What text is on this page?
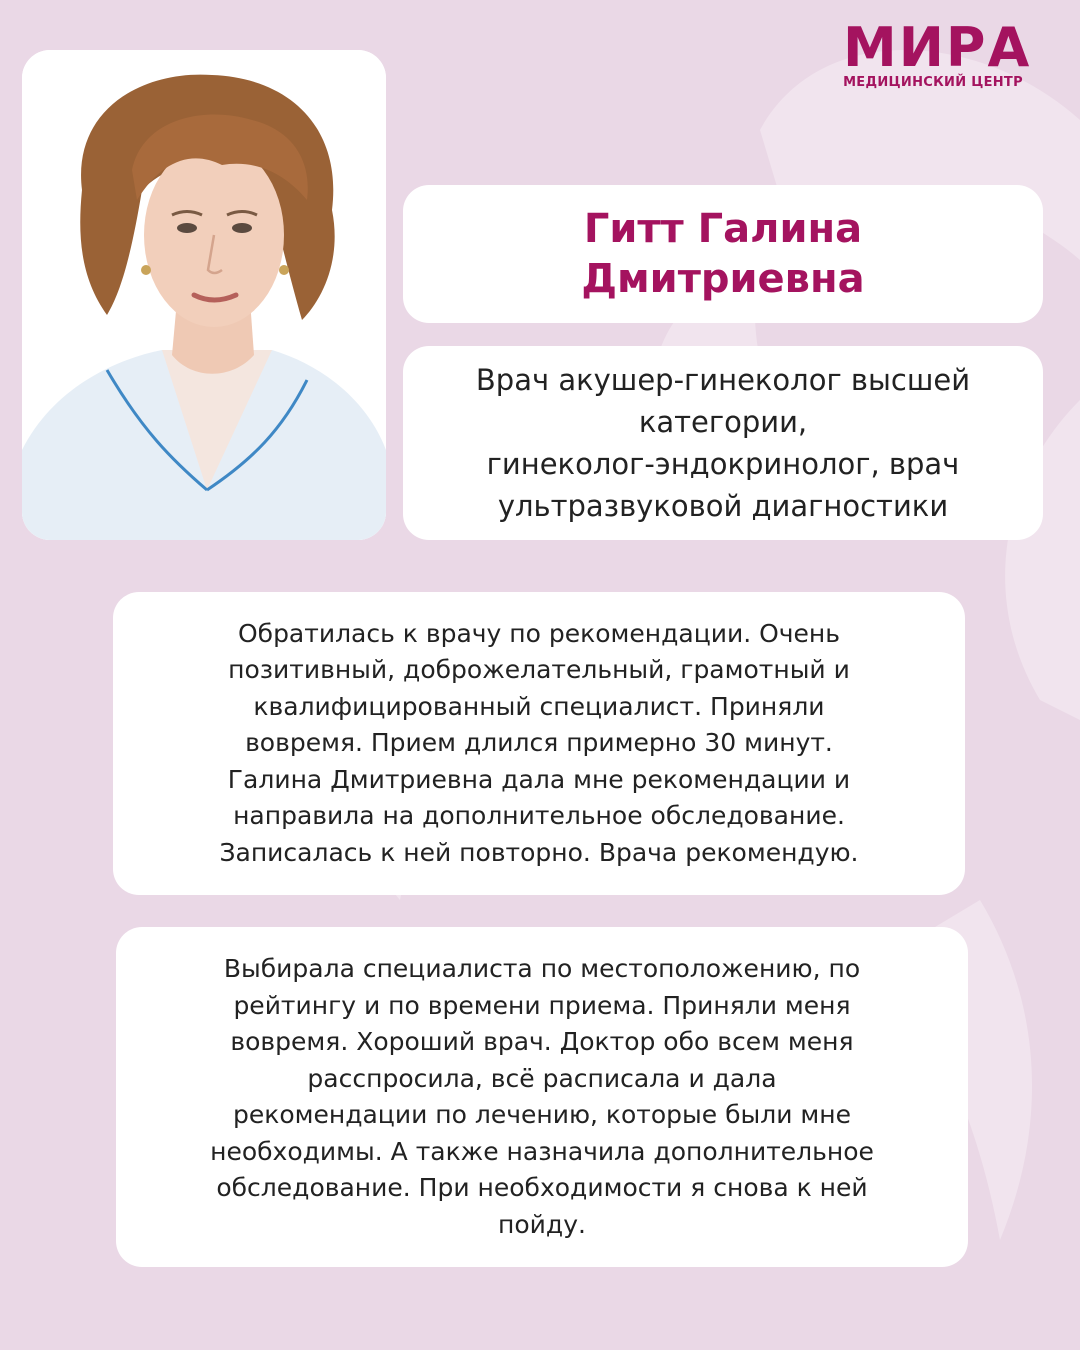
МИРА
МЕДИЦИНСКИЙ ЦЕНТР
Гитт Галина
Дмитриевна
Врач акушер-гинеколог высшей
категории,
гинеколог-эндокринолог, врач
ультразвуковой диагностики
Обратилась к врачу по рекомендации. Очень
позитивный, доброжелательный, грамотный и
квалифицированный специалист. Приняли
вовремя. Прием длился примерно 30 минут.
Галина Дмитриевна дала мне рекомендации и
направила на дополнительное обследование.
Записалась к ней повторно. Врача рекомендую.
Выбирала специалиста по местоположению, по
рейтингу и по времени приема. Приняли меня
вовремя. Хороший врач. Доктор обо всем меня
расспросила, всё расписала и дала
рекомендации по лечению, которые были мне
необходимы. А также назначила дополнительное
обследование. При необходимости я снова к ней
пойду.
